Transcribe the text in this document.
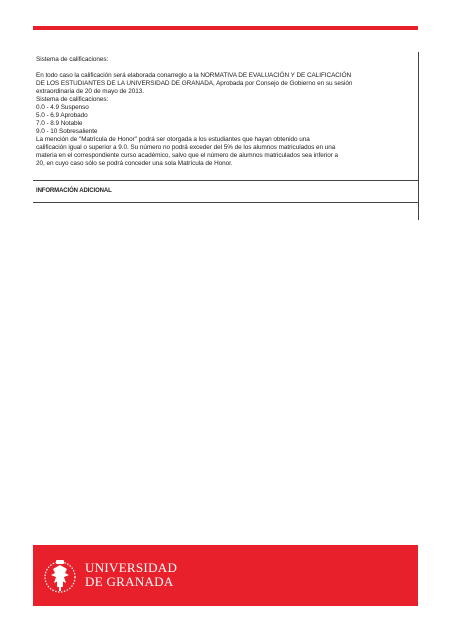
Sistema de calificaciones:
En todo caso la calificación será elaborada conarreglo a la NORMATIVA DE EVALUACIÓN Y DE CALIFICACIÓN
DE LOS ESTUDIANTES DE LA UNIVERSIDAD DE GRANADA, Aprobada por Consejo de Gobierno en su sesión
extraordinaria de 20 de mayo de 2013.
Sistema de calificaciones:
0.0 - 4.9 Suspenso
5.0 - 6.9 Aprobado
7.0 - 8.9 Notable
9.0 - 10 Sobresaliente
La mención de "Matrícula de Honor" podrá ser otorgada a los estudiantes que hayan obtenido una
calificación igual o superior a 9.0. Su número no podrá exceder del 5% de los alumnos matriculados en una
materia en el correspondiente curso académico, salvo que el número de alumnos matriculados sea inferior a
20, en cuyo caso sólo se podrá conceder una sola Matrícula de Honor.
INFORMACIÓN ADICIONAL
UNIVERSIDAD
DE GRANADA
